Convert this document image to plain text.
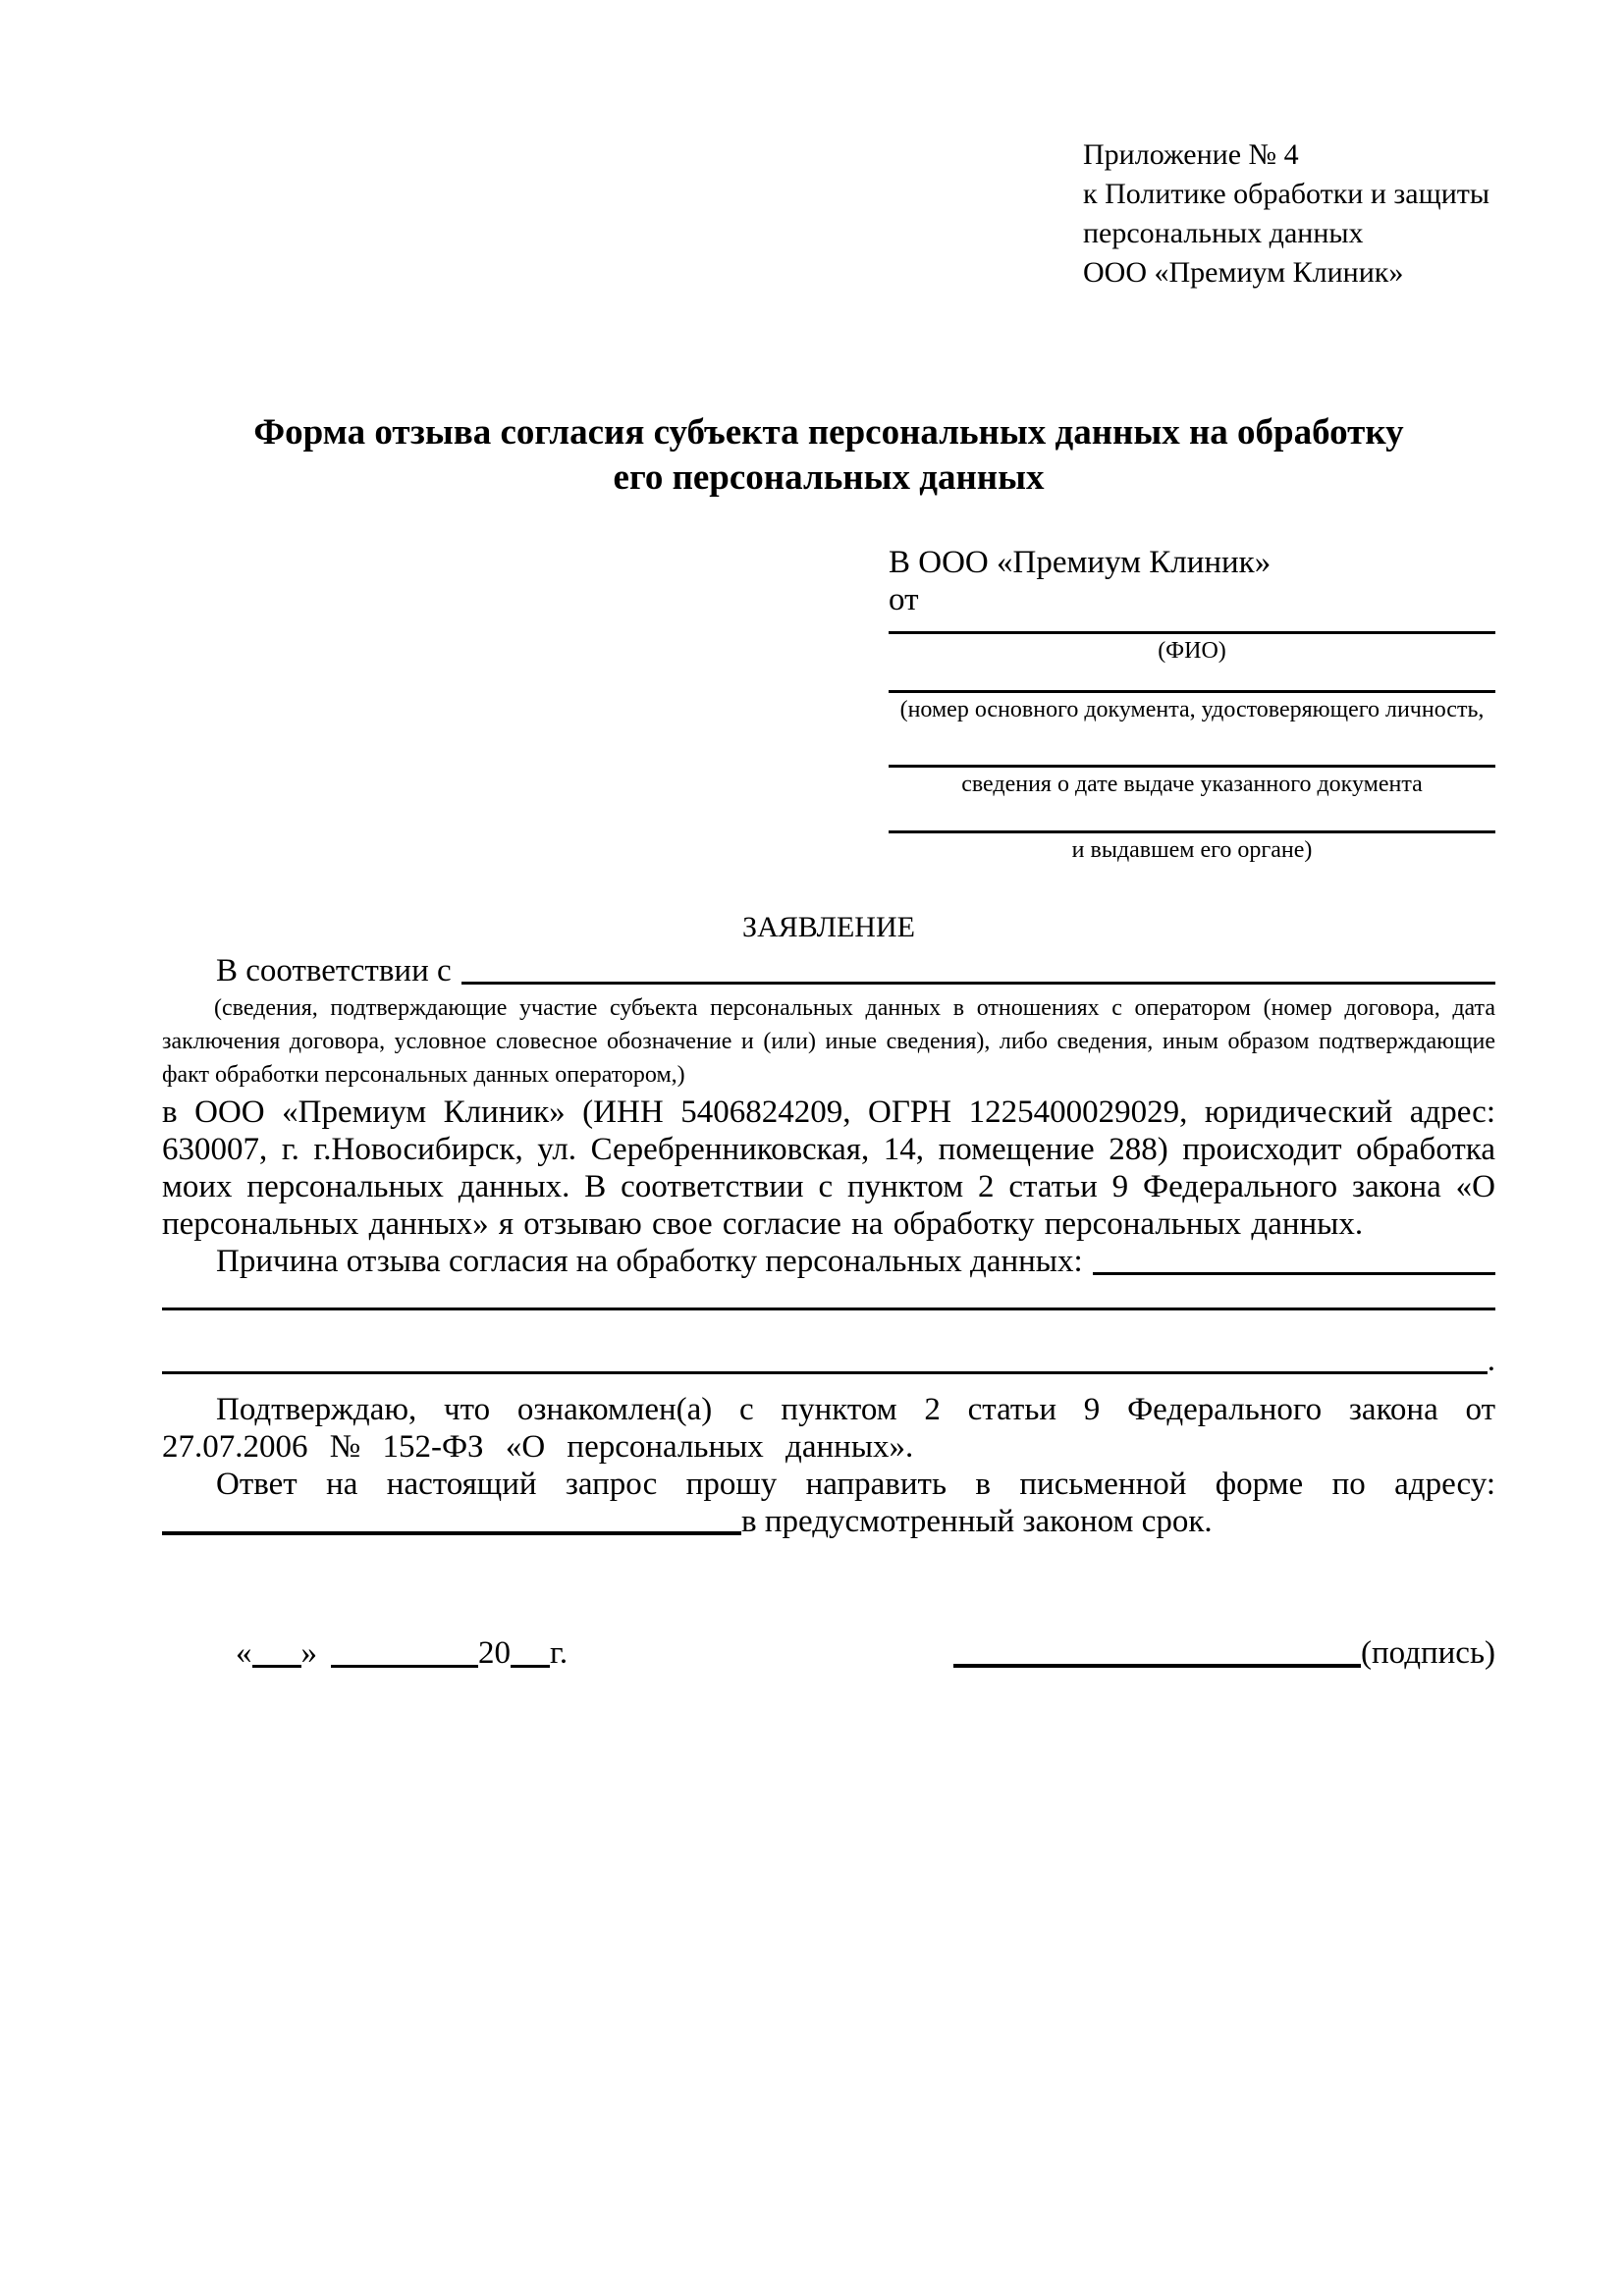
Приложение № 4
к Политике обработки и защиты
персональных данных
ООО «Премиум Клиник»
Форма отзыва согласия субъекта персональных данных на обработку
его персональных данных
В ООО «Премиум Клиник»
от
(ФИО)
(номер основного документа, удостоверяющего личность,
сведения о дате выдаче указанного документа
и выдавшем его органе)
ЗАЯВЛЕНИЕ
В соответствии с
(сведения, подтверждающие участие субъекта персональных данных в отношениях с оператором (номер договора, дата заключения договора, условное словесное обозначение и (или) иные сведения), либо сведения, иным образом подтверждающие факт обработки персональных данных оператором,)

в ООО «Премиум Клиник» (ИНН 5406824209, ОГРН 1225400029029, юридический адрес: 630007, г. г.Новосибирск, ул. Серебренниковская, 14, помещение 288) происходит обработка моих персональных данных. В соответствии с пунктом 2 статьи 9 Федерального закона «О персональных данных» я отзываю свое согласие на обработку персональных данных.

Причина отзыва согласия на обработку персональных данных:
.

Подтверждаю, что ознакомлен(а) с пунктом 2 статьи 9 Федерального закона от 27.07.2006 № 152-ФЗ «О персональных данных».

Ответ на настоящий запрос прошу направить в письменной форме по адресу:
в предусмотренный законом срок.
« »	20 г.	(подпись)
